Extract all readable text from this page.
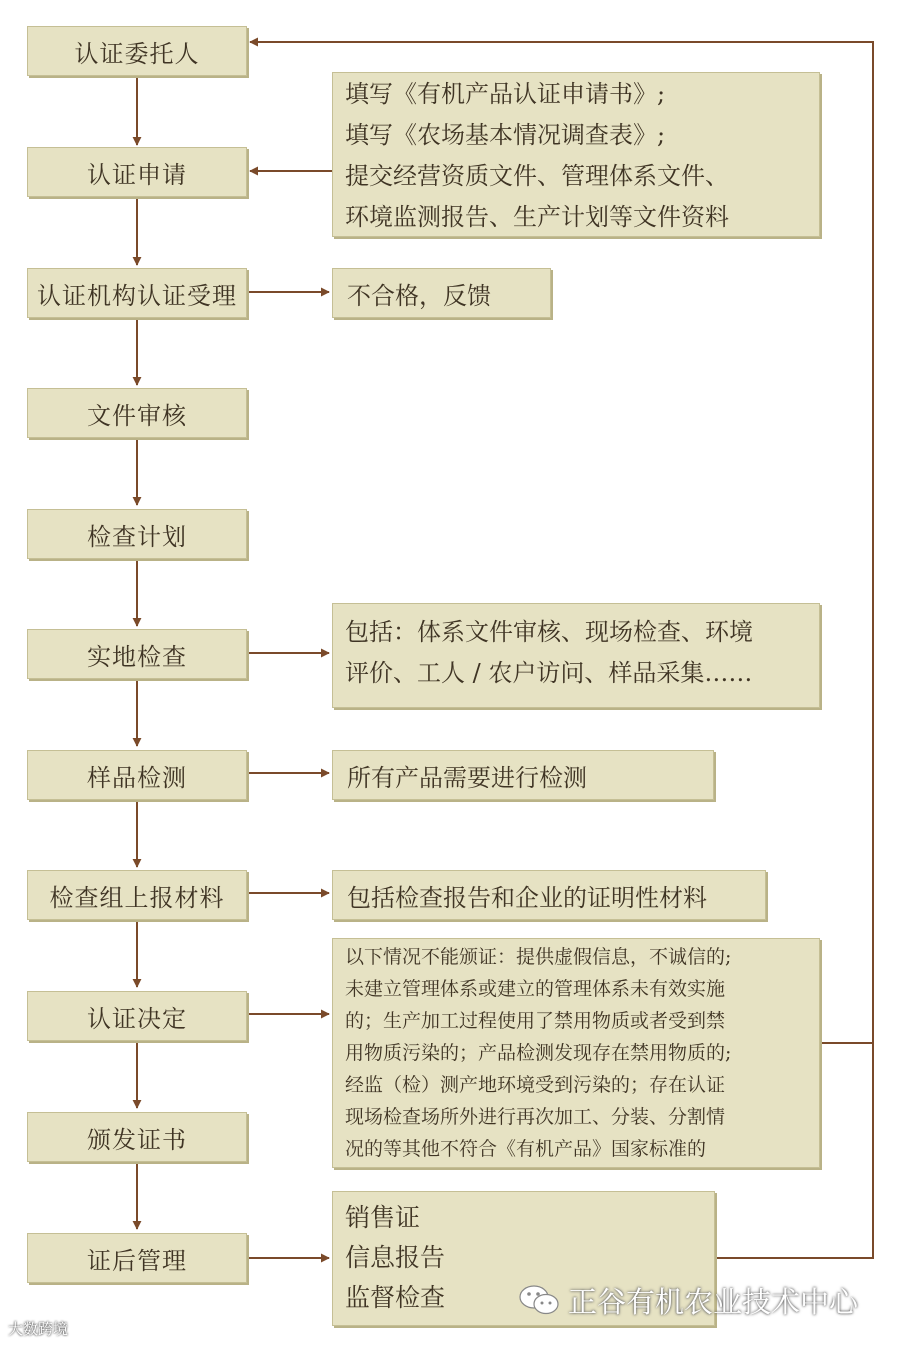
认证委托人
认证申请
认证机构认证受理
文件审核
检查计划
实地检查
样品检测
检查组上报材料
认证决定
颁发证书
证后管理
填写《有机产品认证申请书》;
填写《农场基本情况调查表》;
提交经营资质文件、管理体系文件、
环境监测报告、生产计划等文件资料
不合格，反馈
包括：体系文件审核、现场检查、环境
评价、工人 / 农户访问、样品采集……
所有产品需要进行检测
包括检查报告和企业的证明性材料
以下情况不能颁证：提供虚假信息，不诚信的;
未建立管理体系或建立的管理体系未有效实施
的；生产加工过程使用了禁用物质或者受到禁
用物质污染的；产品检测发现存在禁用物质的;
经监（检）测产地环境受到污染的；存在认证
现场检查场所外进行再次加工、分装、分割情
况的等其他不符合《有机产品》国家标准的
销售证
信息报告
监督检查
大数跨境
正谷有机农业技术中心
